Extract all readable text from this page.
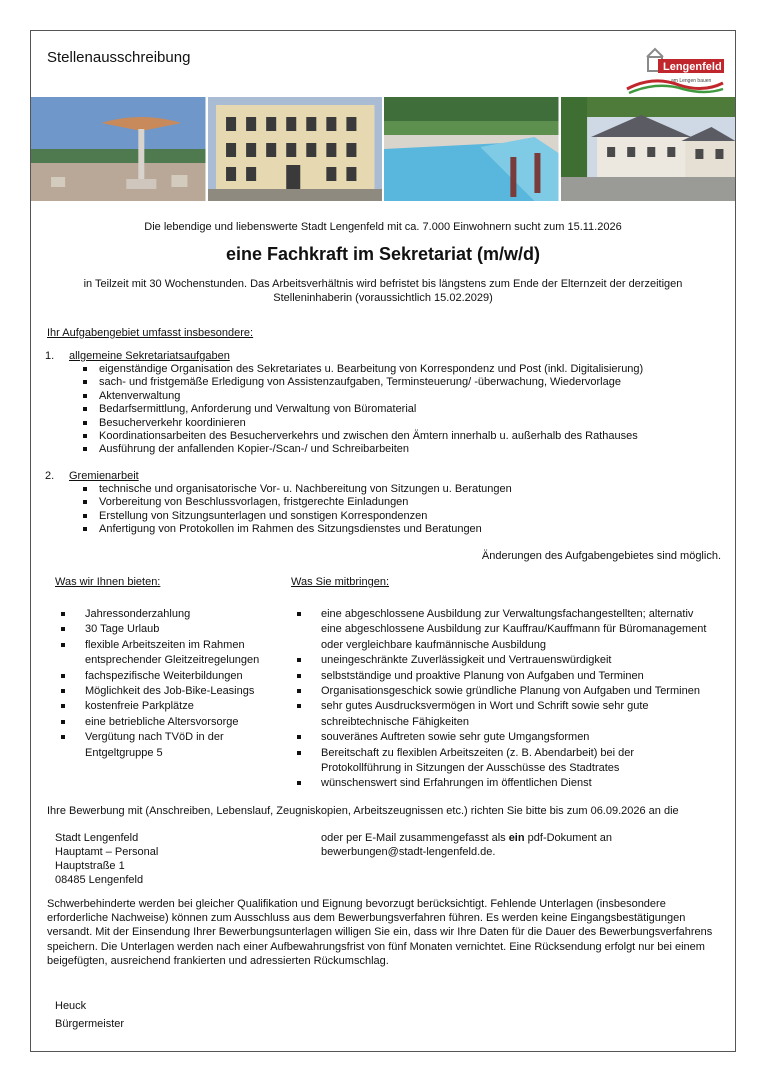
Stellenausschreibung
Lengenfeld
am Lengen bauen
Die lebendige und liebenswerte Stadt Lengenfeld mit ca. 7.000 Einwohnern sucht zum 15.11.2026
eine Fachkraft im Sekretariat (m/w/d)
in Teilzeit mit 30 Wochenstunden. Das Arbeitsverhältnis wird befristet bis längstens zum Ende der Elternzeit der derzeitigen Stelleninhaberin (voraussichtlich 15.02.2029)
Ihr Aufgabengebiet umfasst insbesondere:
1.	allgemeine Sekretariatsaufgaben
eigenständige Organisation des Sekretariates u. Bearbeitung von Korrespondenz und Post (inkl. Digitalisierung)
sach- und fristgemäße Erledigung von Assistenzaufgaben, Terminsteuerung/ -überwachung, Wiedervorlage
Aktenverwaltung
Bedarfsermittlung, Anforderung und Verwaltung von Büromaterial
Besucherverkehr koordinieren
Koordinationsarbeiten des Besucherverkehrs und zwischen den Ämtern innerhalb u. außerhalb des Rathauses
Ausführung der anfallenden Kopier-/Scan-/ und Schreibarbeiten
2.	Gremienarbeit
technische und organisatorische Vor- u. Nachbereitung von Sitzungen u. Beratungen
Vorbereitung von Beschlussvorlagen, fristgerechte Einladungen
Erstellung von Sitzungsunterlagen und sonstigen Korrespondenzen
Anfertigung von Protokollen im Rahmen des Sitzungsdienstes und Beratungen
Änderungen des Aufgabengebietes sind möglich.
Was wir Ihnen bieten:
Jahressonderzahlung
30 Tage Urlaub
flexible Arbeitszeiten im Rahmen entsprechender Gleitzeitregelungen
fachspezifische Weiterbildungen
Möglichkeit des Job-Bike-Leasings
kostenfreie Parkplätze
eine betriebliche Altersvorsorge
Vergütung nach TVöD in der Entgeltgruppe 5
Was Sie mitbringen:
eine abgeschlossene Ausbildung zur Verwaltungsfachangestellten; alternativ eine abgeschlossene Ausbildung zur Kauffrau/Kauffmann für Büromanagement oder vergleichbare kaufmännische Ausbildung
uneingeschränkte Zuverlässigkeit und Vertrauenswürdigkeit
selbstständige und proaktive Planung von Aufgaben und Terminen
Organisationsgeschick sowie gründliche Planung von Aufgaben und Terminen
sehr gutes Ausdrucksvermögen in Wort und Schrift sowie sehr gute schreibtechnische Fähigkeiten
souveränes Auftreten sowie sehr gute Umgangsformen
Bereitschaft zu flexiblen Arbeitszeiten (z. B. Abendarbeit) bei der Protokollführung in Sitzungen der Ausschüsse des Stadtrates
wünschenswert sind Erfahrungen im öffentlichen Dienst
Ihre Bewerbung mit (Anschreiben, Lebenslauf, Zeugniskopien, Arbeitszeugnissen etc.) richten Sie bitte bis zum 06.09.2026 an die
Stadt Lengenfeld
Hauptamt – Personal
Hauptstraße 1
08485 Lengenfeld
oder per E-Mail zusammengefasst als ein pdf-Dokument an
bewerbungen@stadt-lengenfeld.de.
Schwerbehinderte werden bei gleicher Qualifikation und Eignung bevorzugt berücksichtigt. Fehlende Unterlagen (insbesondere erforderliche Nachweise) können zum Ausschluss aus dem Bewerbungsverfahren führen. Es werden keine Eingangsbestätigungen versandt. Mit der Einsendung Ihrer Bewerbungsunterlagen willigen Sie ein, dass wir Ihre Daten für die Dauer des Bewerbungsverfahrens speichern. Die Unterlagen werden nach einer Aufbewahrungsfrist von fünf Monaten vernichtet. Eine Rücksendung erfolgt nur bei einem beigefügten, ausreichend frankierten und adressierten Rückumschlag.
Heuck
Bürgermeister
